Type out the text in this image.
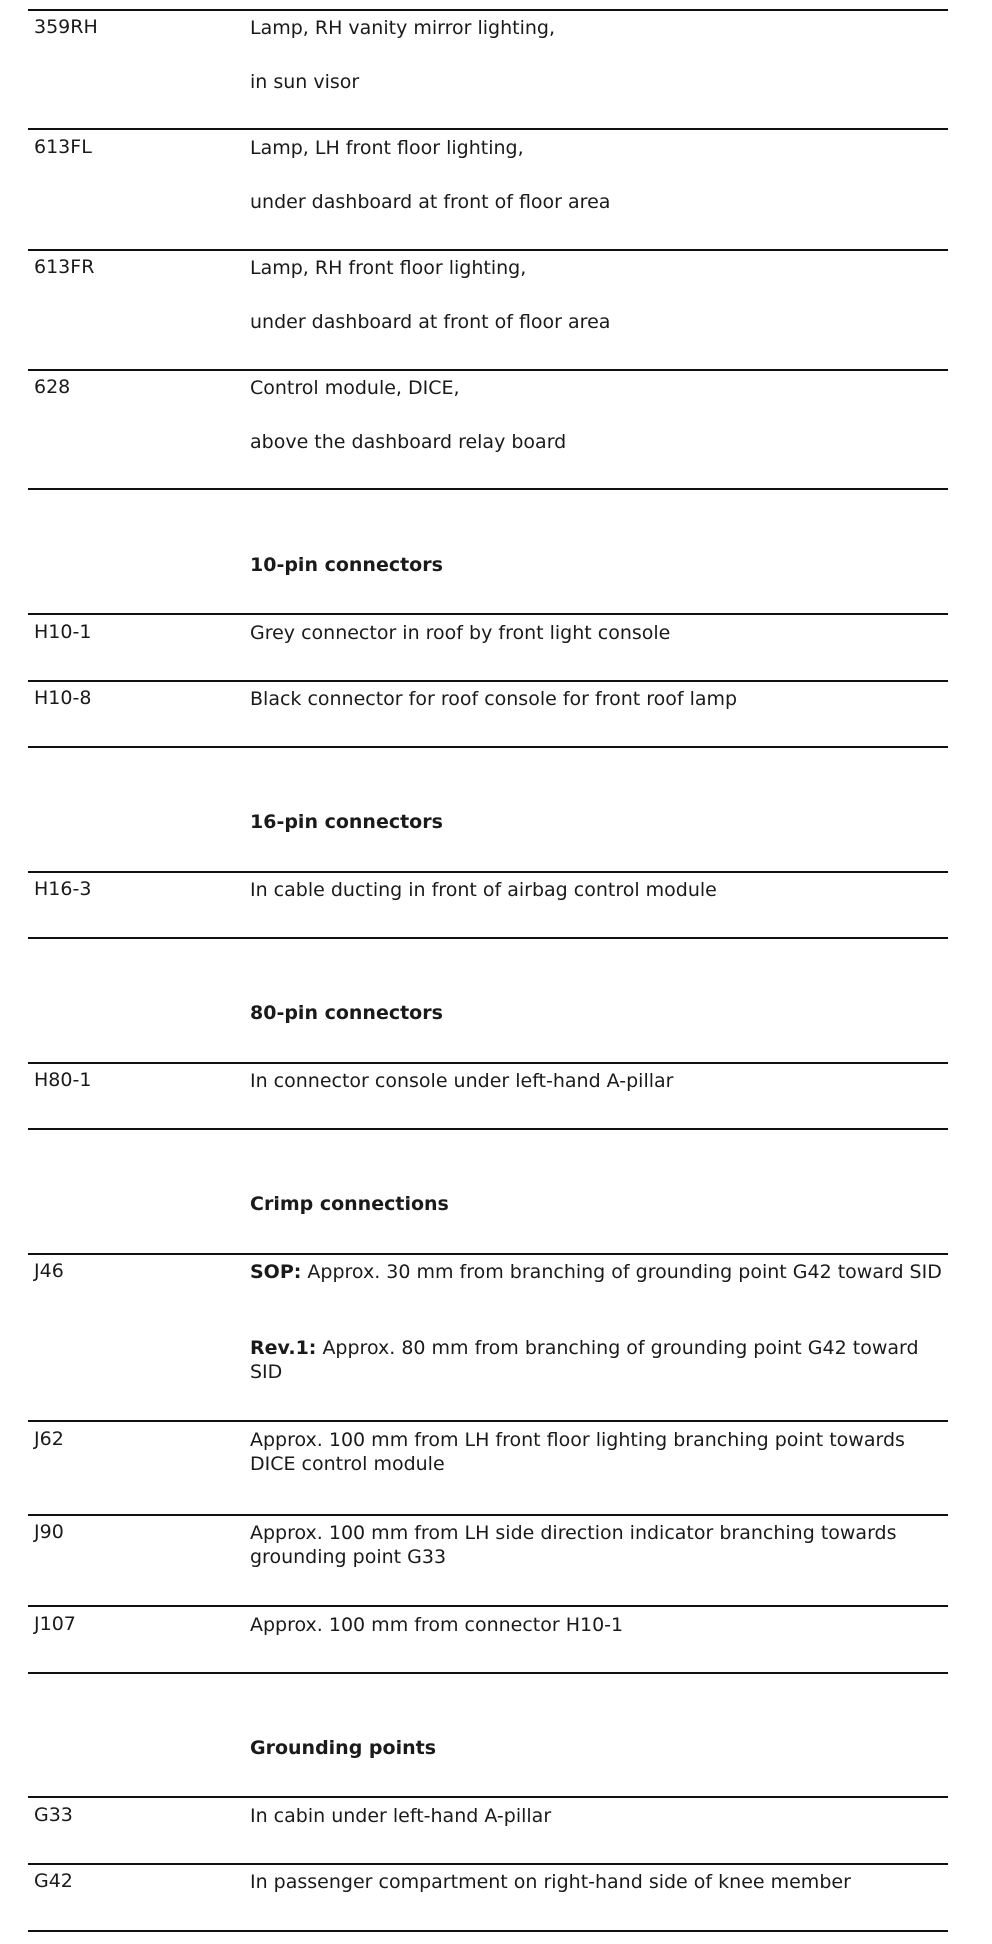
359RH	Lamp, RH vanity mirror lighting,
in sun visor
613FL	Lamp, LH front floor lighting,
under dashboard at front of floor area
613FR	Lamp, RH front floor lighting,
under dashboard at front of floor area
628	Control module, DICE,
above the dashboard relay board
10-pin connectors
H10-1	Grey connector in roof by front light console
H10-8	Black connector for roof console for front roof lamp
16-pin connectors
H16-3	In cable ducting in front of airbag control module
80-pin connectors
H80-1	In connector console under left-hand A-pillar
Crimp connections
J46	SOP: Approx. 30 mm from branching of grounding point G42 toward SID
Rev.1: Approx. 80 mm from branching of grounding point G42 toward SID
J62	Approx. 100 mm from LH front floor lighting branching point towards DICE control module
J90	Approx. 100 mm from LH side direction indicator branching towards grounding point G33
J107	Approx. 100 mm from connector H10-1
Grounding points
G33	In cabin under left-hand A-pillar
G42	In passenger compartment on right-hand side of knee member
